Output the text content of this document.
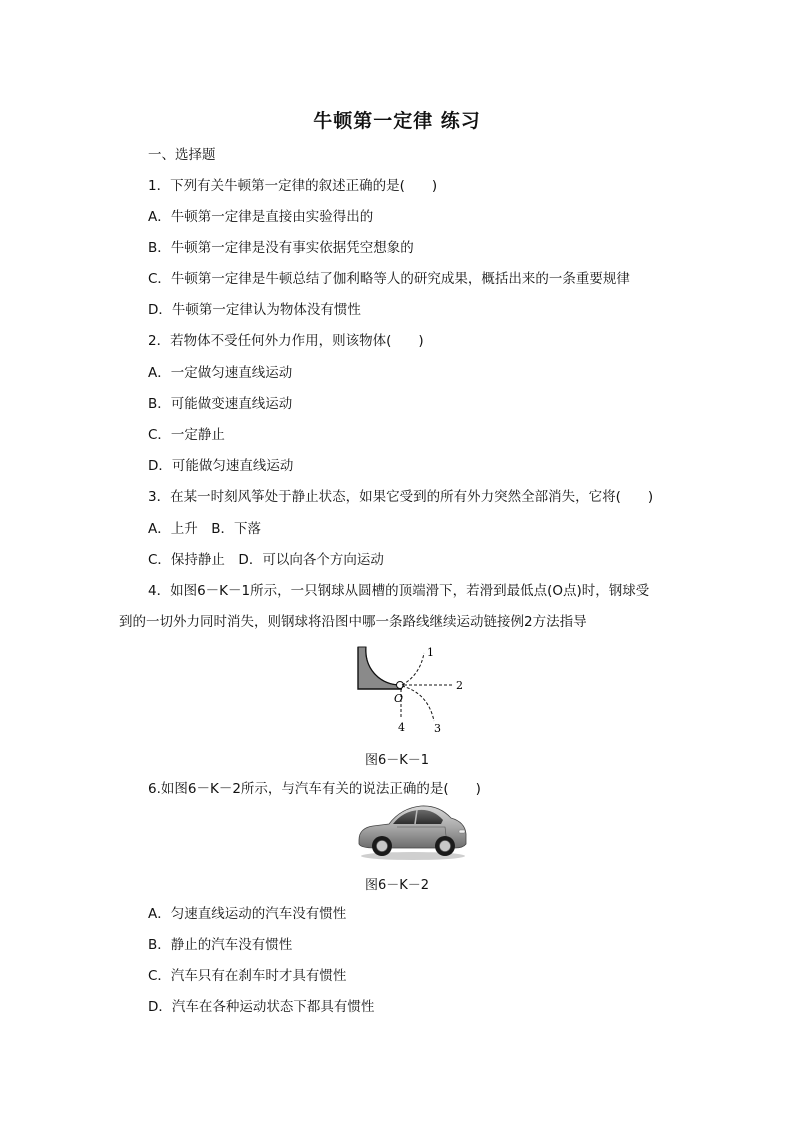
牛顿第一定律 练习
一、选择题
1．下列有关牛顿第一定律的叙述正确的是(　　)
A．牛顿第一定律是直接由实验得出的
B．牛顿第一定律是没有事实依据凭空想象的
C．牛顿第一定律是牛顿总结了伽利略等人的研究成果，概括出来的一条重要规律
D．牛顿第一定律认为物体没有惯性
2．若物体不受任何外力作用，则该物体(　　)
A．一定做匀速直线运动
B．可能做变速直线运动
C．一定静止
D．可能做匀速直线运动
3．在某一时刻风筝处于静止状态，如果它受到的所有外力突然全部消失，它将(　　)
A．上升　B．下落
C．保持静止　D．可以向各个方向运动
4．如图6－K－1所示，一只钢球从圆槽的顶端滑下，若滑到最低点(O点)时，钢球受
到的一切外力同时消失，则钢球将沿图中哪一条路线继续运动链接例2方法指导
1
2
3
4
O
图6－K－1
6.如图6－K－2所示，与汽车有关的说法正确的是(　　)
图6－K－2
A．匀速直线运动的汽车没有惯性
B．静止的汽车没有惯性
C．汽车只有在刹车时才具有惯性
D．汽车在各种运动状态下都具有惯性
